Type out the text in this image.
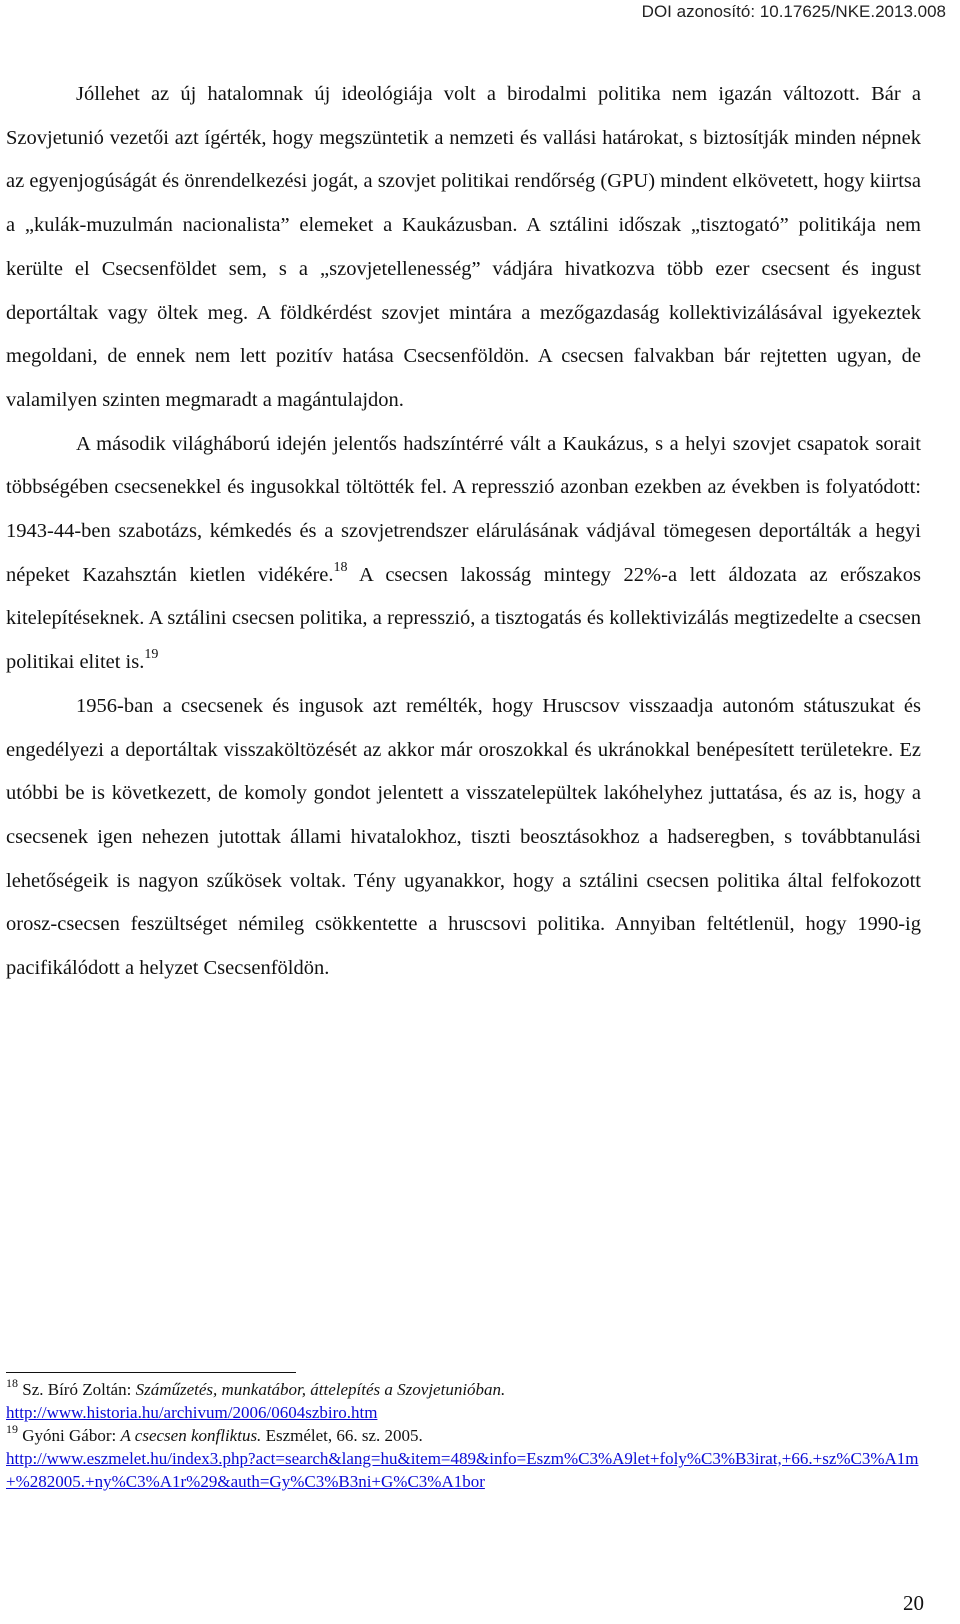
DOI azonosító: 10.17625/NKE.2013.008

Jóllehet az új hatalomnak új ideológiája volt a birodalmi politika nem igazán változott. Bár a Szovjetunió vezetői azt ígérték, hogy megszüntetik a nemzeti és vallási határokat, s biztosítják minden népnek az egyenjogúságát és önrendelkezési jogát, a szovjet politikai rendőrség (GPU) mindent elkövetett, hogy kiirtsa a „kulák-muzulmán nacionalista” elemeket a Kaukázusban. A sztálini időszak „tisztogató” politikája nem kerülte el Csecsenföldet sem, s a „szovjetellenesség” vádjára hivatkozva több ezer csecsent és ingust deportáltak vagy öltek meg. A földkérdést szovjet mintára a mezőgazdaság kollektivizálásával igyekeztek megoldani, de ennek nem lett pozitív hatása Csecsenföldön. A csecsen falvakban bár rejtetten ugyan, de valamilyen szinten megmaradt a magántulajdon.

A második világháború idején jelentős hadszíntérré vált a Kaukázus, s a helyi szovjet csapatok sorait többségében csecsenekkel és ingusokkal töltötték fel. A represszió azonban ezekben az években is folyatódott: 1943-44-ben szabotázs, kémkedés és a szovjetrendszer elárulásának vádjával tömegesen deportálták a hegyi népeket Kazahsztán kietlen vidékére.$^{18}$ A csecsen lakosság mintegy 22%-a lett áldozata az erőszakos kitelepítéseknek. A sztálini csecsen politika, a represszió, a tisztogatás és kollektivizálás megtizedelte a csecsen politikai elitet is.$^{19}$

1956-ban a csecsenek és ingusok azt remélték, hogy Hruscsov visszaadja autonóm státuszukat és engedélyezi a deportáltak visszaköltözését az akkor már oroszokkal és ukránokkal benépesített területekre. Ez utóbbi be is következett, de komoly gondot jelentett a visszatelepültek lakóhelyhez juttatása, és az is, hogy a csecsenek igen nehezen jutottak állami hivatalokhoz, tiszti beosztásokhoz a hadseregben, s továbbtanulási lehetőségeik is nagyon szűkösek voltak. Tény ugyanakkor, hogy a sztálini csecsen politika által felfokozott orosz-csecsen feszültséget némileg csökkentette a hruscsovi politika. Annyiban feltétlenül, hogy 1990-ig pacifikálódott a helyzet Csecsenföldön.

$^{18}$ Sz. Bíró Zoltán: Száműzetés, munkatábor, áttelepítés a Szovjetunióban.
http://www.historia.hu/archivum/2006/0604szbiro.htm
$^{19}$ Gyóni Gábor: A csecsen konfliktus. Eszmélet, 66. sz. 2005.
http://www.eszmelet.hu/index3.php?act=search&lang=hu&item=489&info=Eszm%C3%A9let+foly%C3%B3irat,+66.+sz%C3%A1m+%282005.+ny%C3%A1r%29&auth=Gy%C3%B3ni+G%C3%A1bor
20
